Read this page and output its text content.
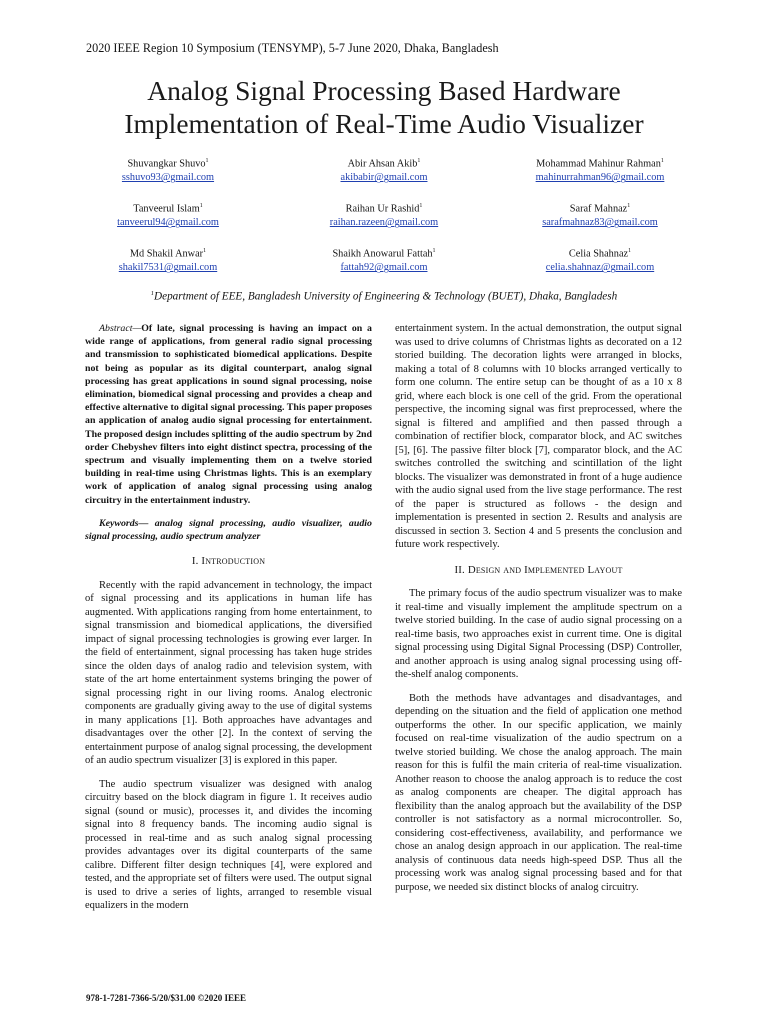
2020 IEEE Region 10 Symposium (TENSYMP), 5-7 June 2020, Dhaka, Bangladesh
Analog Signal Processing Based Hardware
Implementation of Real-Time Audio Visualizer
Shuvangkar Shuvo$^1$
sshuvo93@gmail.com
Abir Ahsan Akib$^1$
akibabir@gmail.com
Mohammad Mahinur Rahman$^1$
mahinurrahman96@gmail.com
Tanveerul Islam$^1$
tanveerul94@gmail.com
Raihan Ur Rashid$^1$
raihan.razeen@gmail.com
Saraf Mahnaz$^1$
sarafmahnaz83@gmail.com
Md Shakil Anwar$^1$
shakil7531@gmail.com
Shaikh Anowarul Fattah$^1$
fattah92@gmail.com
Celia Shahnaz$^1$
celia.shahnaz@gmail.com
$^1$Department of EEE, Bangladesh University of Engineering & Technology (BUET), Dhaka, Bangladesh

Abstract—Of late, signal processing is having an impact on a wide range of applications, from general radio signal processing and transmission to sophisticated biomedical applications. Despite not being as popular as its digital counterpart, analog signal processing has great applications in sound signal processing, noise elimination, biomedical signal processing and provides a cheap and effective alternative to digital signal processing. This paper proposes an application of analog audio signal processing for entertainment. The proposed design includes splitting of the audio spectrum by 2nd order Chebyshev filters into eight distinct spectra, processing of the spectrum and visually implementing them on a twelve storied building in real-time using Christmas lights. This is an exemplary work of application of analog signal processing using analog circuitry in the entertainment industry.

Keywords— analog signal processing, audio visualizer, audio signal processing, audio spectrum analyzer

I. Introduction

Recently with the rapid advancement in technology, the impact of signal processing and its applications in human life has augmented. With applications ranging from home entertainment, to signal transmission and biomedical applications, the diversified impact of signal processing technologies is growing ever larger. In the field of entertainment, signal processing has taken huge strides since the olden days of analog radio and television system, with state of the art home entertainment systems bringing the power of signal processing right in our living rooms. Analog electronic components are gradually giving away to the use of digital systems in many applications [1]. Both approaches have advantages and disadvantages over the other [2]. In the context of serving the entertainment purpose of analog signal processing, the development of an audio spectrum visualizer [3] is explored in this paper.

The audio spectrum visualizer was designed with analog circuitry based on the block diagram in figure 1. It receives audio signal (sound or music), processes it, and divides the incoming signal into 8 frequency bands. The incoming audio signal is processed in real-time and as such analog signal processing provides advantages over its digital counterparts of the same calibre. Different filter design techniques [4], were explored and tested, and the appropriate set of filters were used. The output signal is used to drive a series of lights, arranged to resemble visual equalizers in the modern

entertainment system. In the actual demonstration, the output signal was used to drive columns of Christmas lights as decorated on a 12 storied building. The decoration lights were arranged in blocks, making a total of 8 columns with 10 blocks arranged vertically to form one column. The entire setup can be thought of as a 10 x 8 grid, where each block is one cell of the grid. From the operational perspective, the incoming signal was first preprocessed, where the signal is filtered and amplified and then passed through a combination of rectifier block, comparator block, and AC switches [5], [6]. The passive filter block [7], comparator block, and the AC switches controlled the switching and scintillation of the light blocks. The visualizer was demonstrated in front of a huge audience with the audio signal used from the live stage performance. The rest of the paper is structured as follows - the design and implementation is presented in section 2. Results and analysis are discussed in section 3. Section 4 and 5 presents the conclusion and future work respectively.

II. Design and Implemented Layout

The primary focus of the audio spectrum visualizer was to make it real-time and visually implement the amplitude spectrum on a twelve storied building. In the case of audio signal processing on a real-time basis, two approaches exist in current time. One is digital signal processing using Digital Signal Processing (DSP) Controller, and another approach is using analog signal processing using off-the-shelf analog components.

Both the methods have advantages and disadvantages, and depending on the situation and the field of application one method outperforms the other. In our specific application, we mainly focused on real-time visualization of the audio spectrum on a twelve storied building. We chose the analog approach. The main reason for this is fulfil the main criteria of real-time visualization. Another reason to choose the analog approach is to reduce the cost as analog components are cheaper. The digital approach has flexibility than the analog approach but the availability of the DSP controller is not satisfactory as a normal microcontroller. So, considering cost-effectiveness, availability, and performance we chose an analog design approach in our application. The real-time analysis of continuous data needs high-speed DSP. Thus all the processing work was analog signal processing based and for that purpose, we needed six distinct blocks of analog circuitry.

978-1-7281-7366-5/20/$31.00 ©2020 IEEE
